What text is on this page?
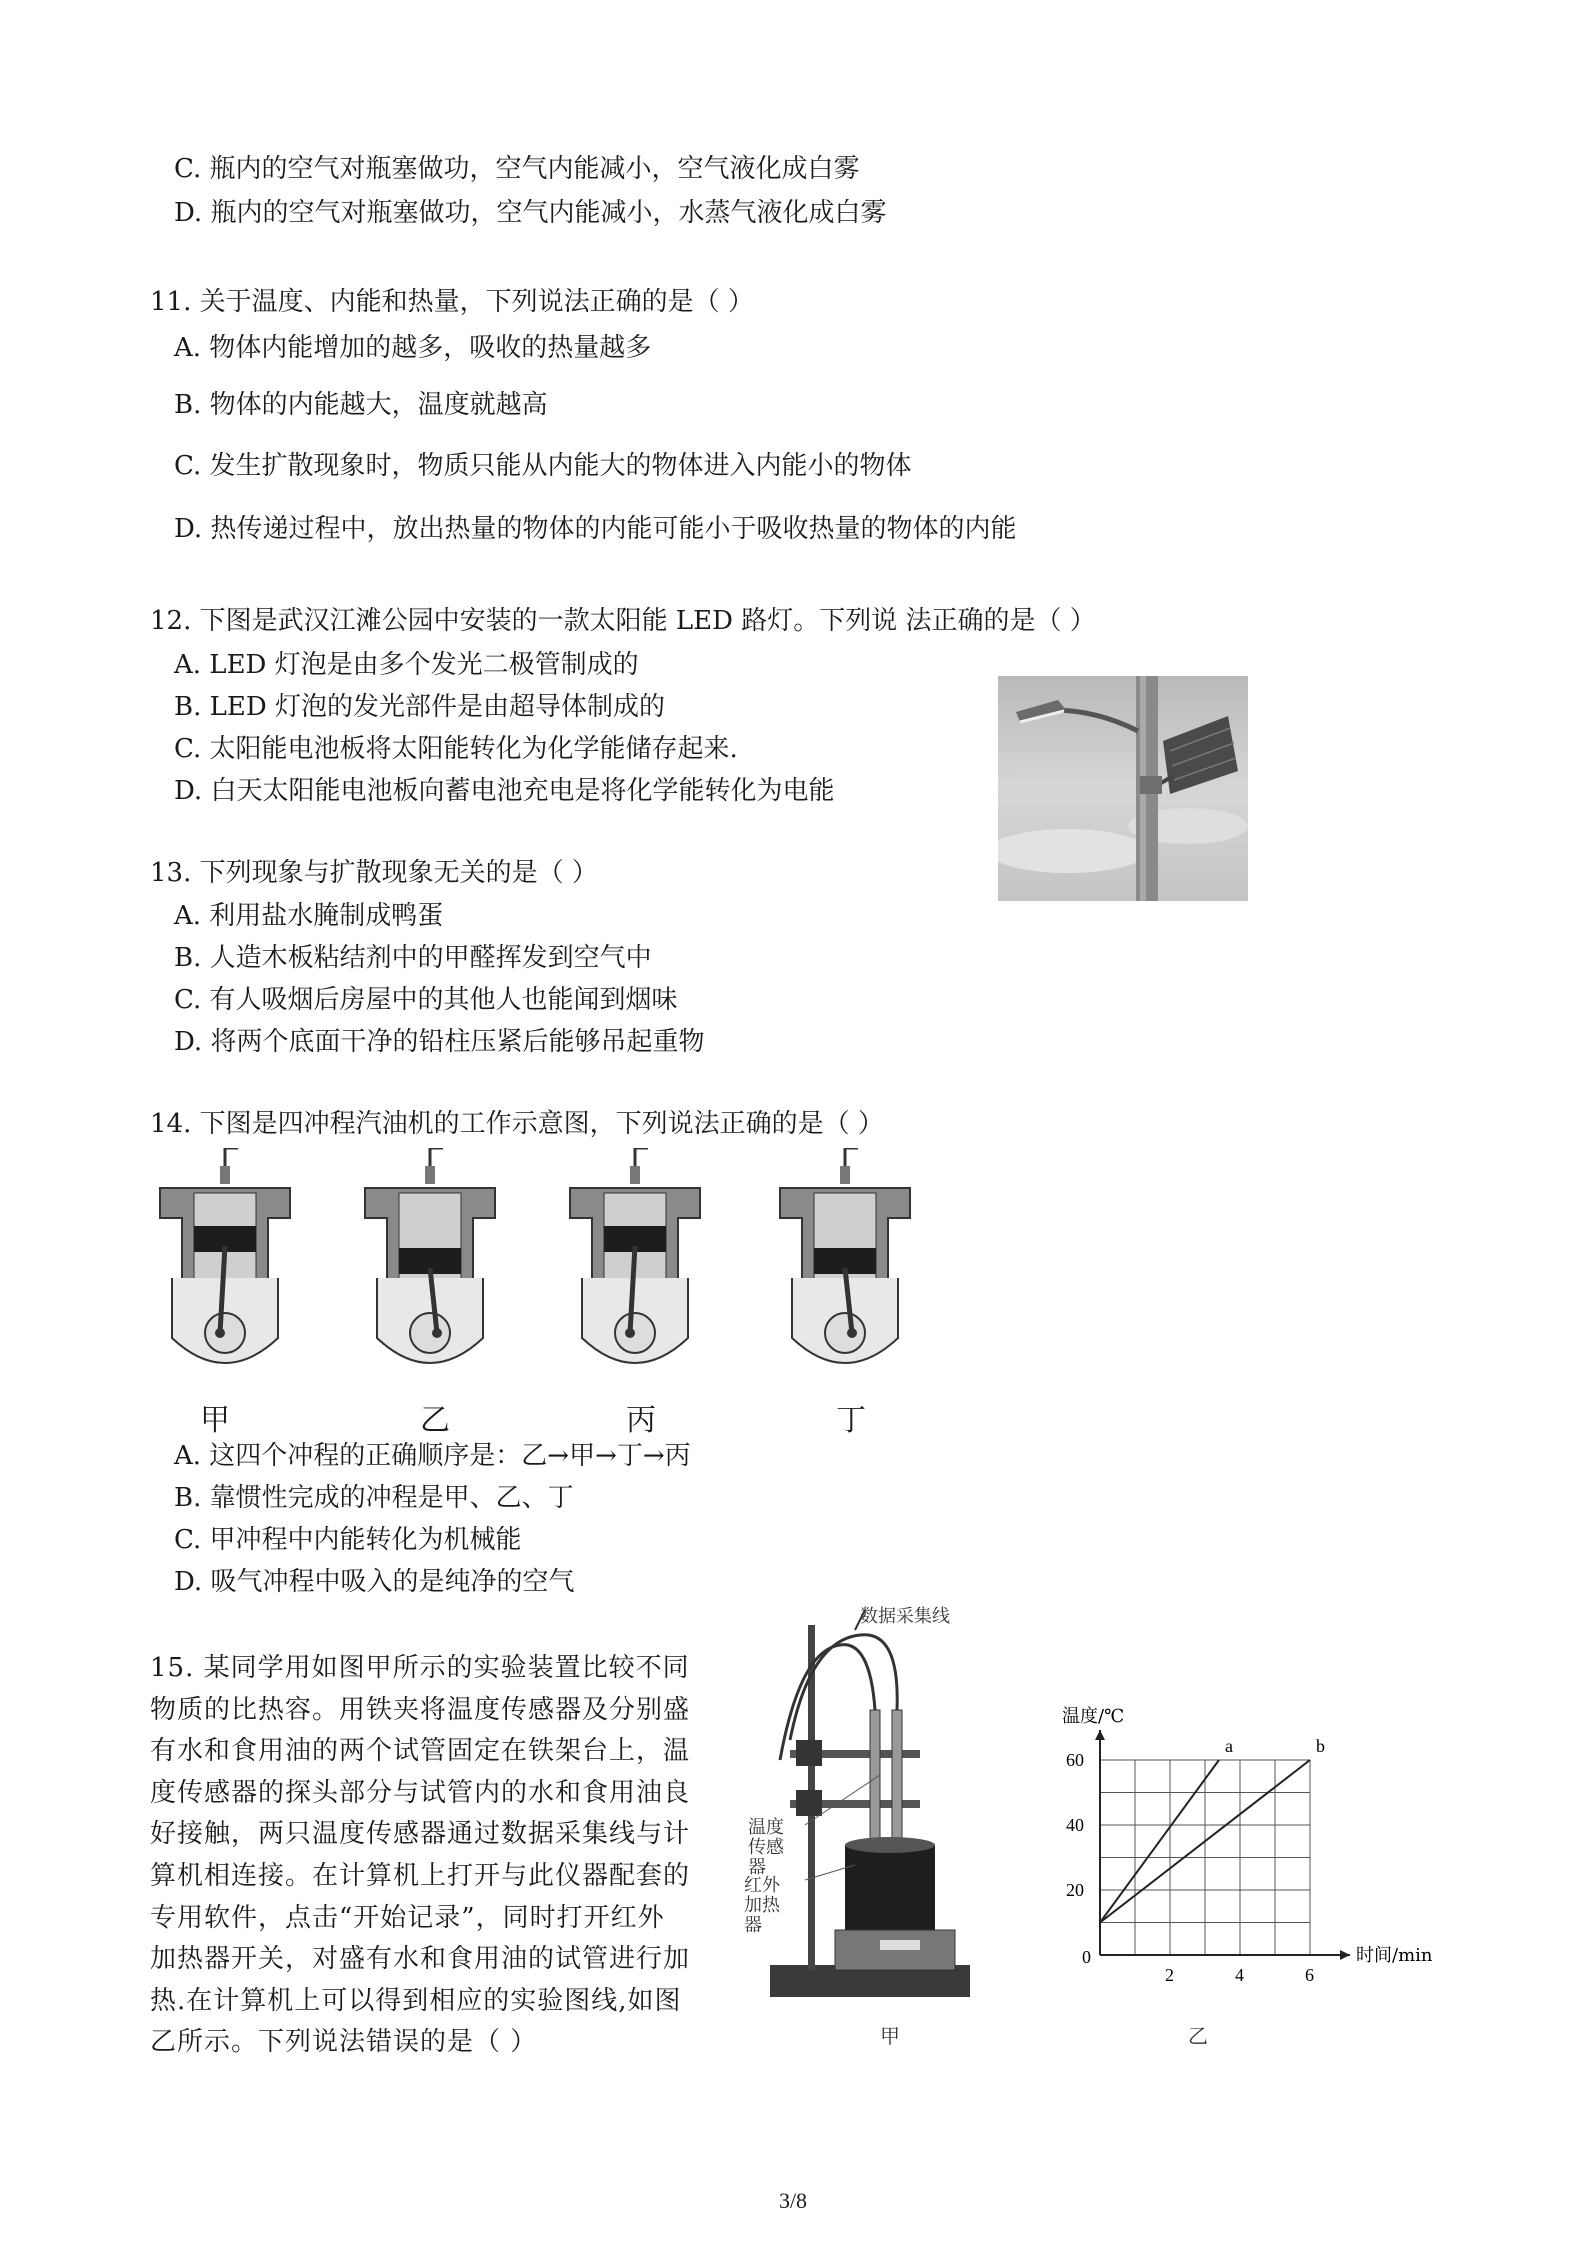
C. 瓶内的空气对瓶塞做功，空气内能减小，空气液化成白雾
D. 瓶内的空气对瓶塞做功，空气内能减小，水蒸气液化成白雾
11. 关于温度、内能和热量，下列说法正确的是（ ）
A. 物体内能增加的越多，吸收的热量越多
B. 物体的内能越大，温度就越高
C. 发生扩散现象时，物质只能从内能大的物体进入内能小的物体
D. 热传递过程中，放出热量的物体的内能可能小于吸收热量的物体的内能
12. 下图是武汉江滩公园中安装的一款太阳能 LED 路灯。下列说 法正确的是（ ）
A. LED 灯泡是由多个发光二极管制成的
B. LED 灯泡的发光部件是由超导体制成的
C. 太阳能电池板将太阳能转化为化学能储存起来.
D. 白天太阳能电池板向蓄电池充电是将化学能转化为电能
13. 下列现象与扩散现象无关的是（ ）
A. 利用盐水腌制成鸭蛋
B. 人造木板粘结剂中的甲醛挥发到空气中
C. 有人吸烟后房屋中的其他人也能闻到烟味
D. 将两个底面干净的铅柱压紧后能够吊起重物
14. 下图是四冲程汽油机的工作示意图，下列说法正确的是（ ）
甲	乙	丙	丁
A. 这四个冲程的正确顺序是：乙→甲→丁→丙
B. 靠惯性完成的冲程是甲、乙、丁
C. 甲冲程中内能转化为机械能
D. 吸气冲程中吸入的是纯净的空气
15. 某同学用如图甲所示的实验装置比较不同
物质的比热容。用铁夹将温度传感器及分别盛
有水和食用油的两个试管固定在铁架台上，温
度传感器的探头部分与试管内的水和食用油良
好接触，两只温度传感器通过数据采集线与计
算机相连接。在计算机上打开与此仪器配套的
专用软件，点击“开始记录”，同时打开红外
加热器开关，对盛有水和食用油的试管进行加
热.在计算机上可以得到相应的实验图线,如图
乙所示。下列说法错误的是（ ）
数据采集线
温度传感器
红外加热器
甲
0
2	4	6
20
40
60
温度/℃
时间/min
a	b
乙
3/8
